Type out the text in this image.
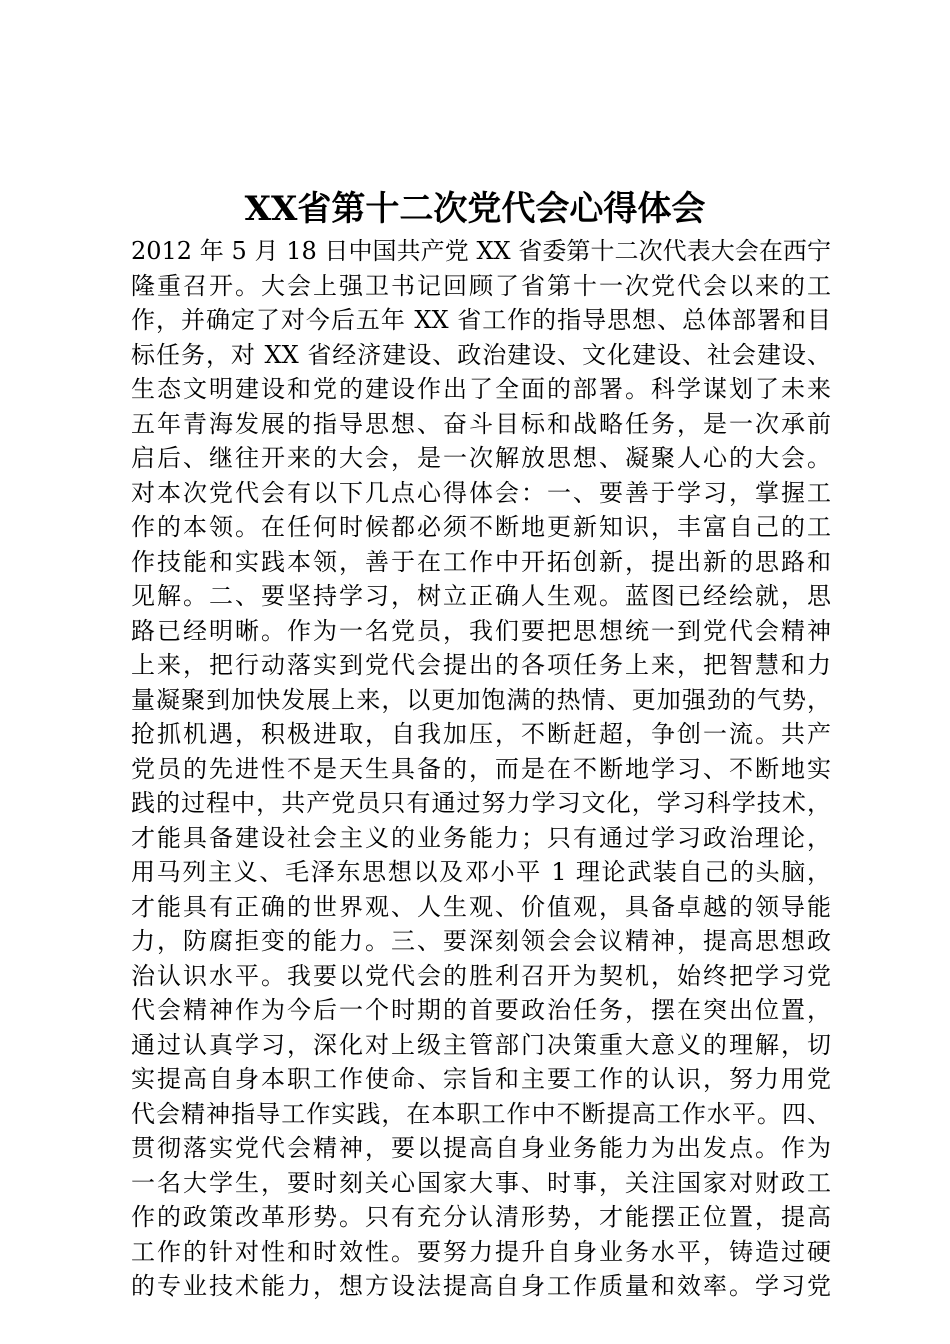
XX省第十二次党代会心得体会
2012 年 5 月 18 日中国共产党 XX 省委第十二次代表大会在西宁
隆重召开。大会上强卫书记回顾了省第十一次党代会以来的工
作，并确定了对今后五年 XX 省工作的指导思想、总体部署和目
标任务，对 XX 省经济建设、政治建设、文化建设、社会建设、
生态文明建设和党的建设作出了全面的部署。科学谋划了未来
五年青海发展的指导思想、奋斗目标和战略任务，是一次承前
启后、继往开来的大会，是一次解放思想、凝聚人心的大会。
对本次党代会有以下几点心得体会：一、要善于学习，掌握工
作的本领。在任何时候都必须不断地更新知识，丰富自己的工
作技能和实践本领，善于在工作中开拓创新，提出新的思路和
见解。二、要坚持学习，树立正确人生观。蓝图已经绘就，思
路已经明晰。作为一名党员，我们要把思想统一到党代会精神
上来，把行动落实到党代会提出的各项任务上来，把智慧和力
量凝聚到加快发展上来，以更加饱满的热情、更加强劲的气势，
抢抓机遇，积极进取，自我加压，不断赶超，争创一流。共产
党员的先进性不是天生具备的，而是在不断地学习、不断地实
践的过程中，共产党员只有通过努力学习文化，学习科学技术，
才能具备建设社会主义的业务能力；只有通过学习政治理论，
用马列主义、毛泽东思想以及邓小平 1 理论武装自己的头脑，
才能具有正确的世界观、人生观、价值观，具备卓越的领导能
力，防腐拒变的能力。三、要深刻领会会议精神，提高思想政
治认识水平。我要以党代会的胜利召开为契机，始终把学习党
代会精神作为今后一个时期的首要政治任务，摆在突出位置，
通过认真学习，深化对上级主管部门决策重大意义的理解，切
实提高自身本职工作使命、宗旨和主要工作的认识，努力用党
代会精神指导工作实践，在本职工作中不断提高工作水平。四、
贯彻落实党代会精神，要以提高自身业务能力为出发点。作为
一名大学生，要时刻关心国家大事、时事，关注国家对财政工
作的政策改革形势。只有充分认清形势，才能摆正位置，提高
工作的针对性和时效性。要努力提升自身业务水平，铸造过硬
的专业技术能力，想方设法提高自身工作质量和效率。学习党
